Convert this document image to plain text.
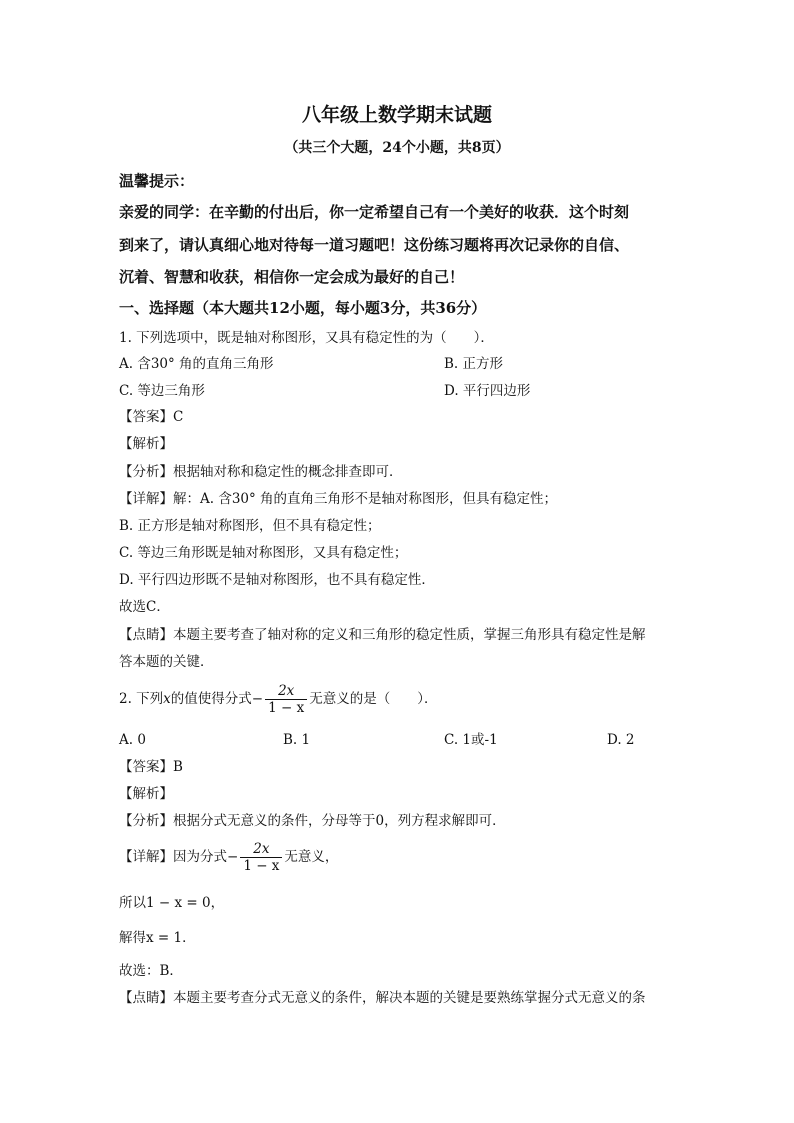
八年级上数学期末试题
（共三个大题，24个小题，共8页）
温馨提示：
亲爱的同学：在辛勤的付出后，你一定希望自己有一个美好的收获．这个时刻
到来了，请认真细心地对待每一道习题吧！这份练习题将再次记录你的自信、
沉着、智慧和收获，相信你一定会成为最好的自己！
一、选择题（本大题共12小题，每小题3分，共36分）
1. 下列选项中，既是轴对称图形，又具有稳定性的为（　　）．
A. 含30° 角的直角三角形	B. 正方形
C. 等边三角形	D. 平行四边形
【答案】C
【解析】
【分析】根据轴对称和稳定性的概念排查即可．
【详解】解：A. 含30° 角的直角三角形不是轴对称图形，但具有稳定性；
B. 正方形是轴对称图形，但不具有稳定性；
C. 等边三角形既是轴对称图形，又具有稳定性；
D. 平行四边形既不是轴对称图形，也不具有稳定性．
故选C．
【点睛】本题主要考查了轴对称的定义和三角形的稳定性质，掌握三角形具有稳定性是解
答本题的关键．
2. 下列x的值使得分式− $\frac{2x}{1 - x}$ 无意义的是（　　）．
A. 0	B. 1	C. 1或-1	D. 2
【答案】B
【解析】
【分析】根据分式无意义的条件，分母等于0，列方程求解即可．
【详解】因为分式− $\frac{2x}{1 - x}$ 无意义，
所以1 − x = 0，
解得x = 1．
故选：B．
【点睛】本题主要考查分式无意义的条件，解决本题的关键是要熟练掌握分式无意义的条
